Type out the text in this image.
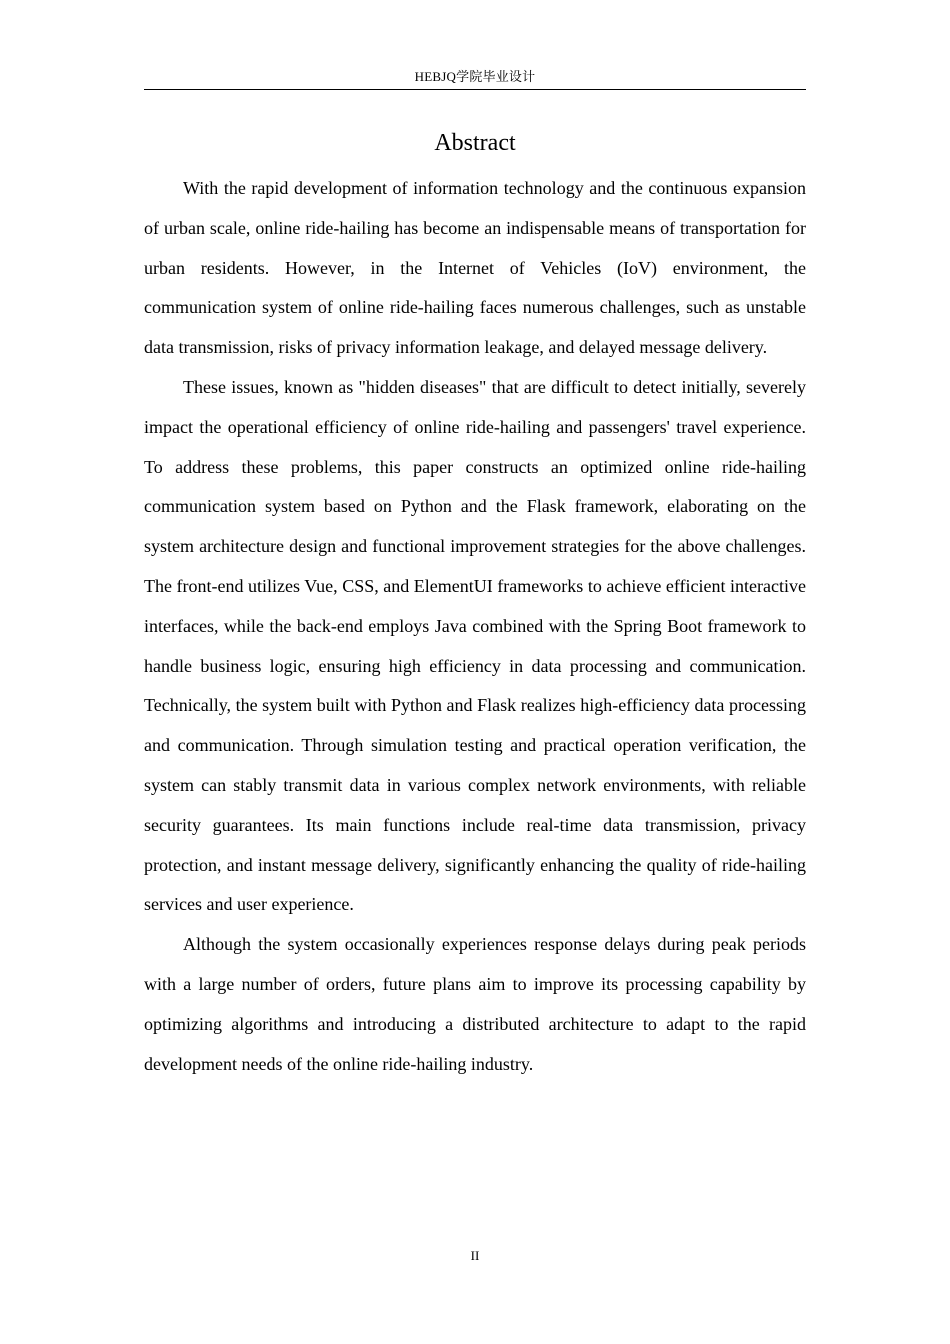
HEBJQ学院毕业设计
Abstract

With the rapid development of information technology and the continuous expansion of urban scale, online ride-hailing has become an indispensable means of transportation for urban residents. However, in the Internet of Vehicles (IoV) environment, the communication system of online ride-hailing faces numerous challenges, such as unstable data transmission, risks of privacy information leakage, and delayed message delivery.

These issues, known as "hidden diseases" that are difficult to detect initially, severely impact the operational efficiency of online ride-hailing and passengers' travel experience. To address these problems, this paper constructs an optimized online ride-hailing communication system based on Python and the Flask framework, elaborating on the system architecture design and functional improvement strategies for the above challenges. The front-end utilizes Vue, CSS, and ElementUI frameworks to achieve efficient interactive interfaces, while the back-end employs Java combined with the Spring Boot framework to handle business logic, ensuring high efficiency in data processing and communication. Technically, the system built with Python and Flask realizes high-efficiency data processing and communication. Through simulation testing and practical operation verification, the system can stably transmit data in various complex network environments, with reliable security guarantees. Its main functions include real-time data transmission, privacy protection, and instant message delivery, significantly enhancing the quality of ride-hailing services and user experience.

Although the system occasionally experiences response delays during peak periods with a large number of orders, future plans aim to improve its processing capability by optimizing algorithms and introducing a distributed architecture to adapt to the rapid development needs of the online ride-hailing industry.

II
